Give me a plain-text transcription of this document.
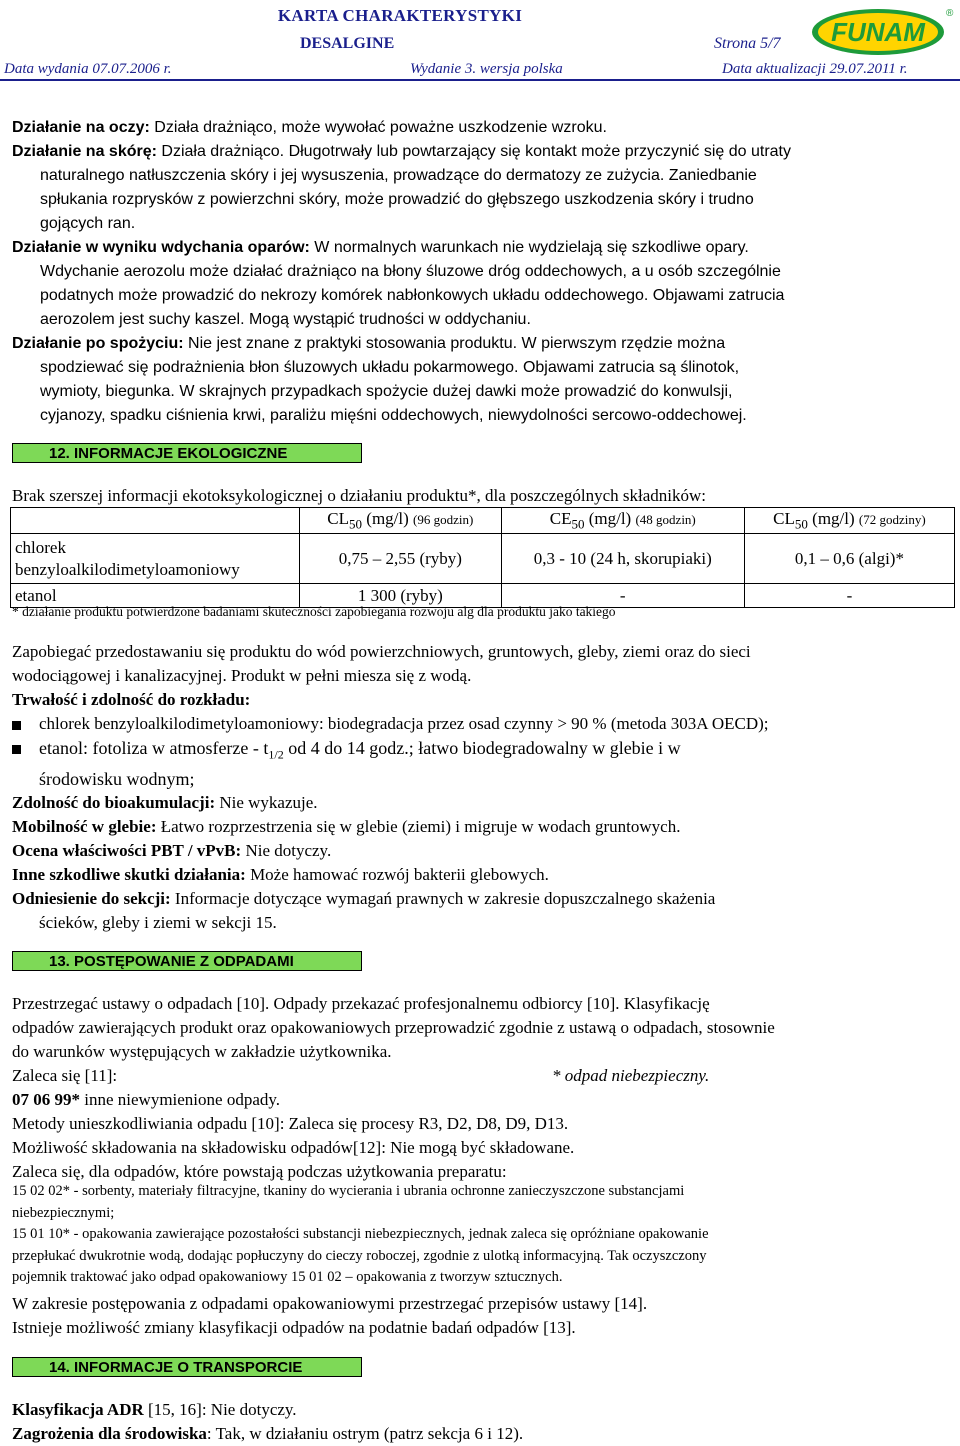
KARTA CHARAKTERYSTYKI
DESALGINE	Strona 5/7
Data wydania 07.07.2006 r.	Wydanie 3. wersja polska	Data aktualizacji 29.07.2011 r.
FUNAM
®
Działanie na oczy: Działa drażniąco, może wywołać poważne uszkodzenie wzroku.
Działanie na skórę: Działa drażniąco. Długotrwały lub powtarzający się kontakt może przyczynić się do utraty
naturalnego natłuszczenia skóry i jej wysuszenia, prowadzące do dermatozy ze zużycia. Zaniedbanie
spłukania rozprysków z powierzchni skóry, może prowadzić do głębszego uszkodzenia skóry i trudno
gojących ran.
Działanie w wyniku wdychania oparów: W normalnych warunkach nie wydzielają się szkodliwe opary.
Wdychanie aerozolu może działać drażniąco na błony śluzowe dróg oddechowych, a u osób szczególnie
podatnych może prowadzić do nekrozy komórek nabłonkowych układu oddechowego. Objawami zatrucia
aerozolem jest suchy kaszel. Mogą wystąpić trudności w oddychaniu.
Działanie po spożyciu: Nie jest znane z praktyki stosowania produktu. W pierwszym rzędzie można
spodziewać się podrażnienia błon śluzowych układu pokarmowego. Objawami zatrucia są ślinotok,
wymioty, biegunka. W skrajnych przypadkach spożycie dużej dawki może prowadzić do konwulsji,
cyjanozy, spadku ciśnienia krwi, paraliżu mięśni oddechowych, niewydolności sercowo-oddechowej.
12. INFORMACJE EKOLOGICZNE
Brak szerszej informacji ekotoksykologicznej o działaniu produktu*, dla poszczególnych składników:
	$CL_{50}$ (mg/l) (96 godzin)	$CE_{50}$ (mg/l) (48 godzin)	$CL_{50}$ (mg/l) (72 godziny)

chlorek
benzyloalkilodimetyloamoniowy	0,75 – 2,55 (ryby)	0,3 - 10 (24 h, skorupiaki)	0,1 – 0,6 (algi)*
etanol	1 300 (ryby)	-	-
* działanie produktu potwierdzone badaniami skuteczności zapobiegania rozwoju alg dla produktu jako takiego
Zapobiegać przedostawaniu się produktu do wód powierzchniowych, gruntowych, gleby, ziemi oraz do sieci
wodociągowej i kanalizacyjnej. Produkt w pełni miesza się z wodą.
Trwałość i zdolność do rozkładu:
chlorek benzyloalkilodimetyloamoniowy: biodegradacja przez osad czynny > 90 % (metoda 303A OECD);
etanol: fotoliza w atmosferze - $t_{1/2}$ od 4 do 14 godz.; łatwo biodegradowalny w glebie i w
środowisku wodnym;
Zdolność do bioakumulacji: Nie wykazuje.
Mobilność w glebie: Łatwo rozprzestrzenia się w glebie (ziemi) i migruje w wodach gruntowych.
Ocena właściwości PBT / vPvB: Nie dotyczy.
Inne szkodliwe skutki działania: Może hamować rozwój bakterii glebowych.
Odniesienie do sekcji: Informacje dotyczące wymagań prawnych w zakresie dopuszczalnego skażenia
ścieków, gleby i ziemi w sekcji 15.
13. POSTĘPOWANIE Z ODPADAMI
Przestrzegać ustawy o odpadach [10]. Odpady przekazać profesjonalnemu odbiorcy [10]. Klasyfikację
odpadów zawierających produkt oraz opakowaniowych przeprowadzić zgodnie z ustawą o odpadach, stosownie
do warunków występujących w zakładzie użytkownika.
Zaleca się [11]:	* odpad niebezpieczny.
07 06 99* inne niewymienione odpady.
Metody unieszkodliwiania odpadu [10]: Zaleca się procesy R3, D2, D8, D9, D13.
Możliwość składowania na składowisku odpadów[12]: Nie mogą być składowane.
Zaleca się, dla odpadów, które powstają podczas użytkowania preparatu:
15 02 02* - sorbenty, materiały filtracyjne, tkaniny do wycierania i ubrania ochronne zanieczyszczone substancjami
niebezpiecznymi;
15 01 10* - opakowania zawierające pozostałości substancji niebezpiecznych, jednak zaleca się opróżniane opakowanie
przepłukać dwukrotnie wodą, dodając popłuczyny do cieczy roboczej, zgodnie z ulotką informacyjną. Tak oczyszczony
pojemnik traktować jako odpad opakowaniowy 15 01 02 – opakowania z tworzyw sztucznych.
W zakresie postępowania z odpadami opakowaniowymi przestrzegać przepisów ustawy [14].
Istnieje możliwość zmiany klasyfikacji odpadów na podatnie badań odpadów [13].
14. INFORMACJE O TRANSPORCIE
Klasyfikacja ADR [15, 16]: Nie dotyczy.
Zagrożenia dla środowiska: Tak, w działaniu ostrym (patrz sekcja 6 i 12).
